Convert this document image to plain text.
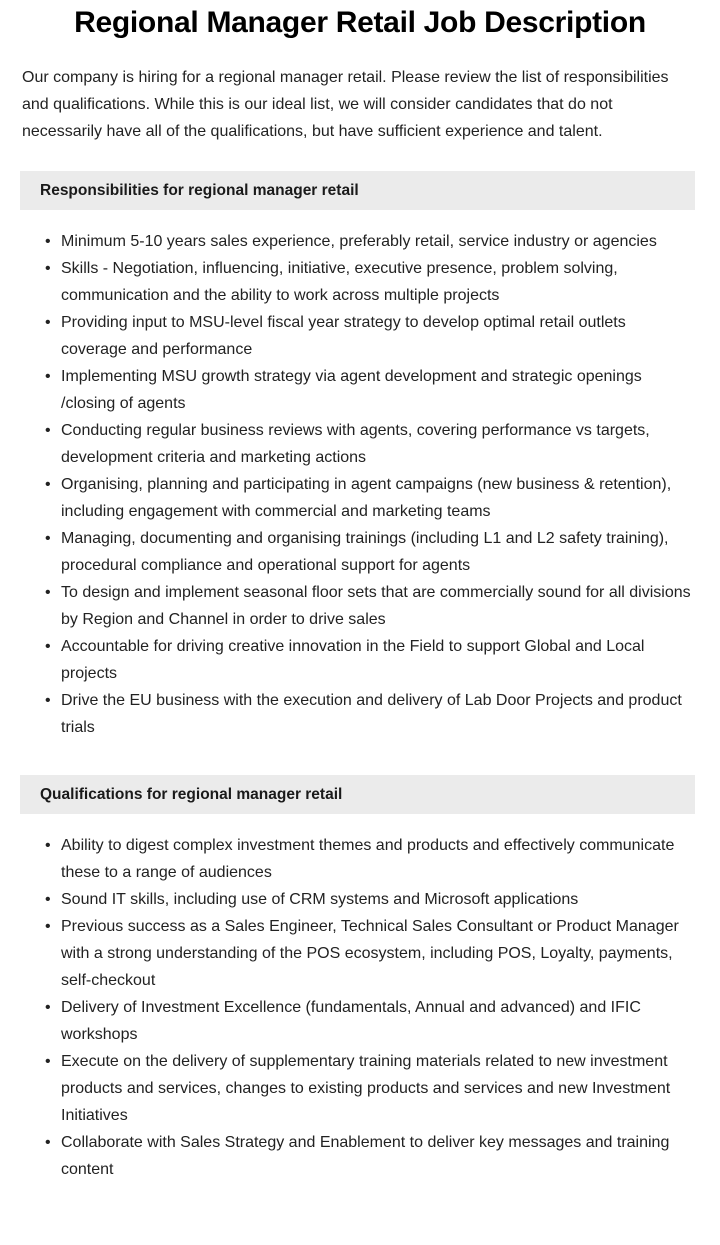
Regional Manager Retail Job Description

Our company is hiring for a regional manager retail. Please review the list of responsibilities and qualifications. While this is our ideal list, we will consider candidates that do not necessarily have all of the qualifications, but have sufficient experience and talent.

Responsibilities for regional manager retail
• Minimum 5-10 years sales experience, preferably retail, service industry or agencies
• Skills - Negotiation, influencing, initiative, executive presence, problem solving, communication and the ability to work across multiple projects
• Providing input to MSU-level fiscal year strategy to develop optimal retail outlets coverage and performance
• Implementing MSU growth strategy via agent development and strategic openings /closing of agents
• Conducting regular business reviews with agents, covering performance vs targets, development criteria and marketing actions
• Organising, planning and participating in agent campaigns (new business & retention), including engagement with commercial and marketing teams
• Managing, documenting and organising trainings (including L1 and L2 safety training), procedural compliance and operational support for agents
• To design and implement seasonal floor sets that are commercially sound for all divisions by Region and Channel in order to drive sales
• Accountable for driving creative innovation in the Field to support Global and Local projects
• Drive the EU business with the execution and delivery of Lab Door Projects and product trials
Qualifications for regional manager retail
• Ability to digest complex investment themes and products and effectively communicate these to a range of audiences
• Sound IT skills, including use of CRM systems and Microsoft applications
• Previous success as a Sales Engineer, Technical Sales Consultant or Product Manager with a strong understanding of the POS ecosystem, including POS, Loyalty, payments, self-checkout
• Delivery of Investment Excellence (fundamentals, Annual and advanced) and IFIC workshops
• Execute on the delivery of supplementary training materials related to new investment products and services, changes to existing products and services and new Investment Initiatives
• Collaborate with Sales Strategy and Enablement to deliver key messages and training content
